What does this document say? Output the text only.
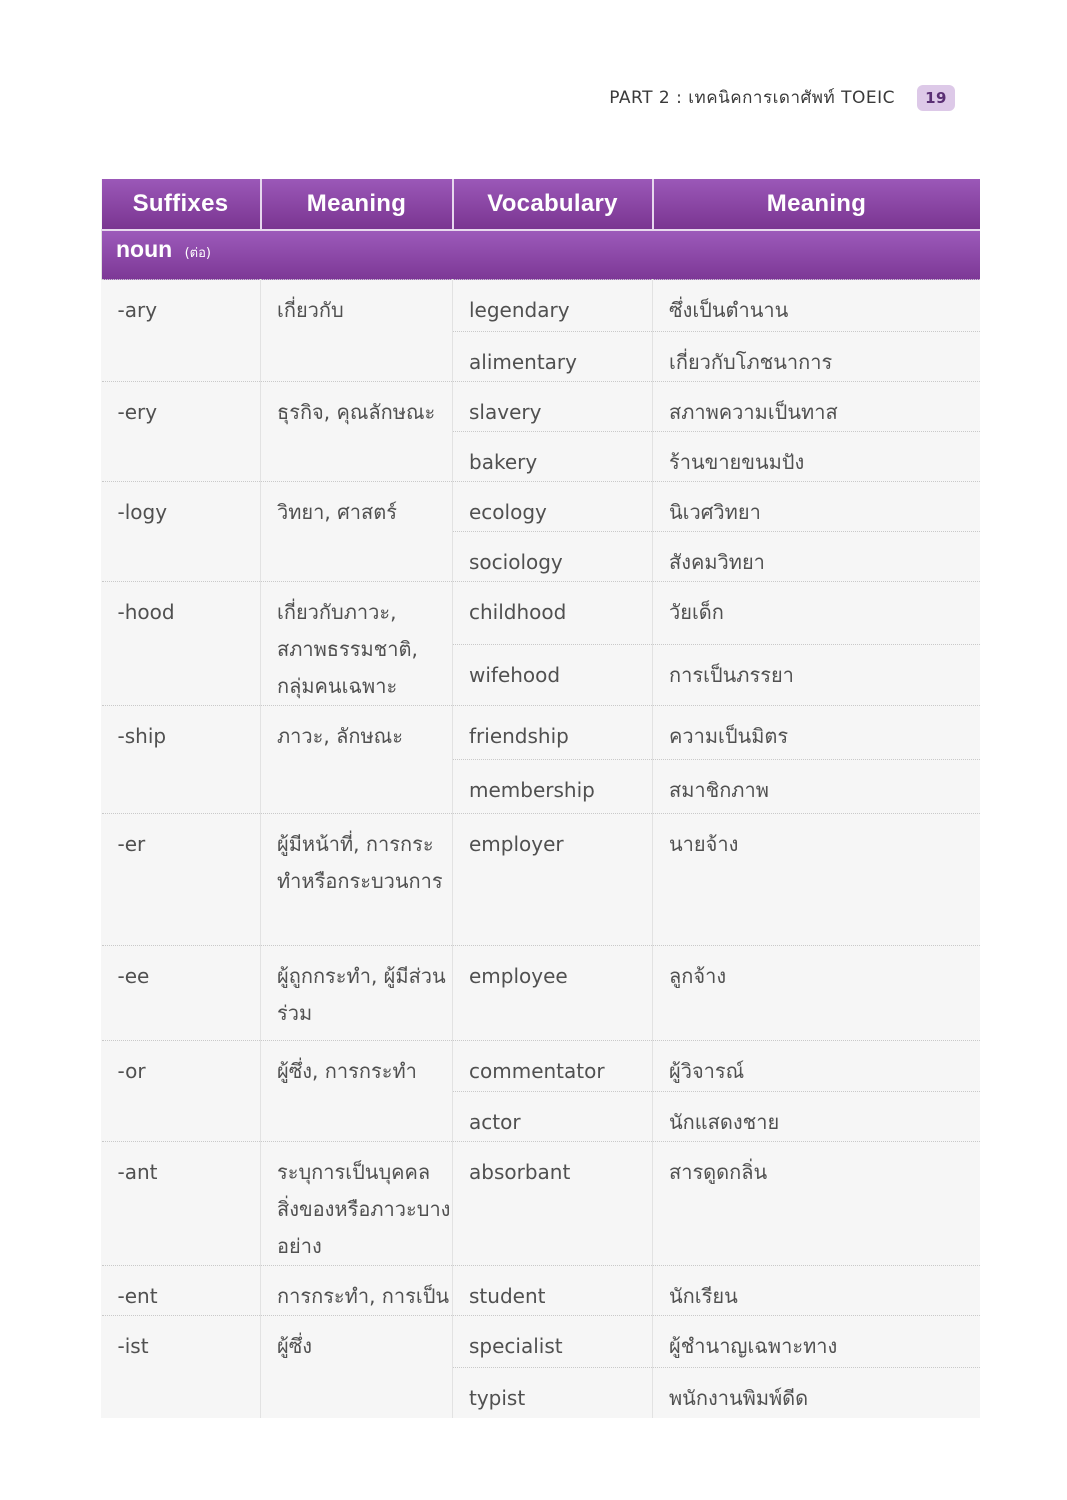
PART 2 : เทคนิคการเดาศัพท์ TOEIC	19
Suffixes	Meaning	Vocabulary	Meaning
noun (ต่อ)			
-ary	เกี่ยวกับ	legendary	ซึ่งเป็นตำนาน
		alimentary	เกี่ยวกับโภชนาการ
-ery	ธุรกิจ, คุณลักษณะ	slavery	สภาพความเป็นทาส
		bakery	ร้านขายขนมปัง
-logy	วิทยา, ศาสตร์	ecology	นิเวศวิทยา
		sociology	สังคมวิทยา
-hood	เกี่ยวกับภาวะ, สภาพธรรมชาติ, กลุ่มคนเฉพาะ	childhood	วัยเด็ก
		wifehood	การเป็นภรรยา
-ship	ภาวะ, ลักษณะ	friendship	ความเป็นมิตร
		membership	สมาชิกภาพ
-er	ผู้มีหน้าที่, การกระทำหรือกระบวนการ	employer	นายจ้าง
-ee	ผู้ถูกกระทำ, ผู้มีส่วนร่วม	employee	ลูกจ้าง
-or	ผู้ซึ่ง, การกระทำ	commentator	ผู้วิจารณ์
		actor	นักแสดงชาย
-ant	ระบุการเป็นบุคคล สิ่งของหรือภาวะบางอย่าง	absorbant	สารดูดกลิ่น
-ent	การกระทำ, การเป็น	student	นักเรียน
-ist	ผู้ซึ่ง	specialist	ผู้ชำนาญเฉพาะทาง
		typist	พนักงานพิมพ์ดีด
